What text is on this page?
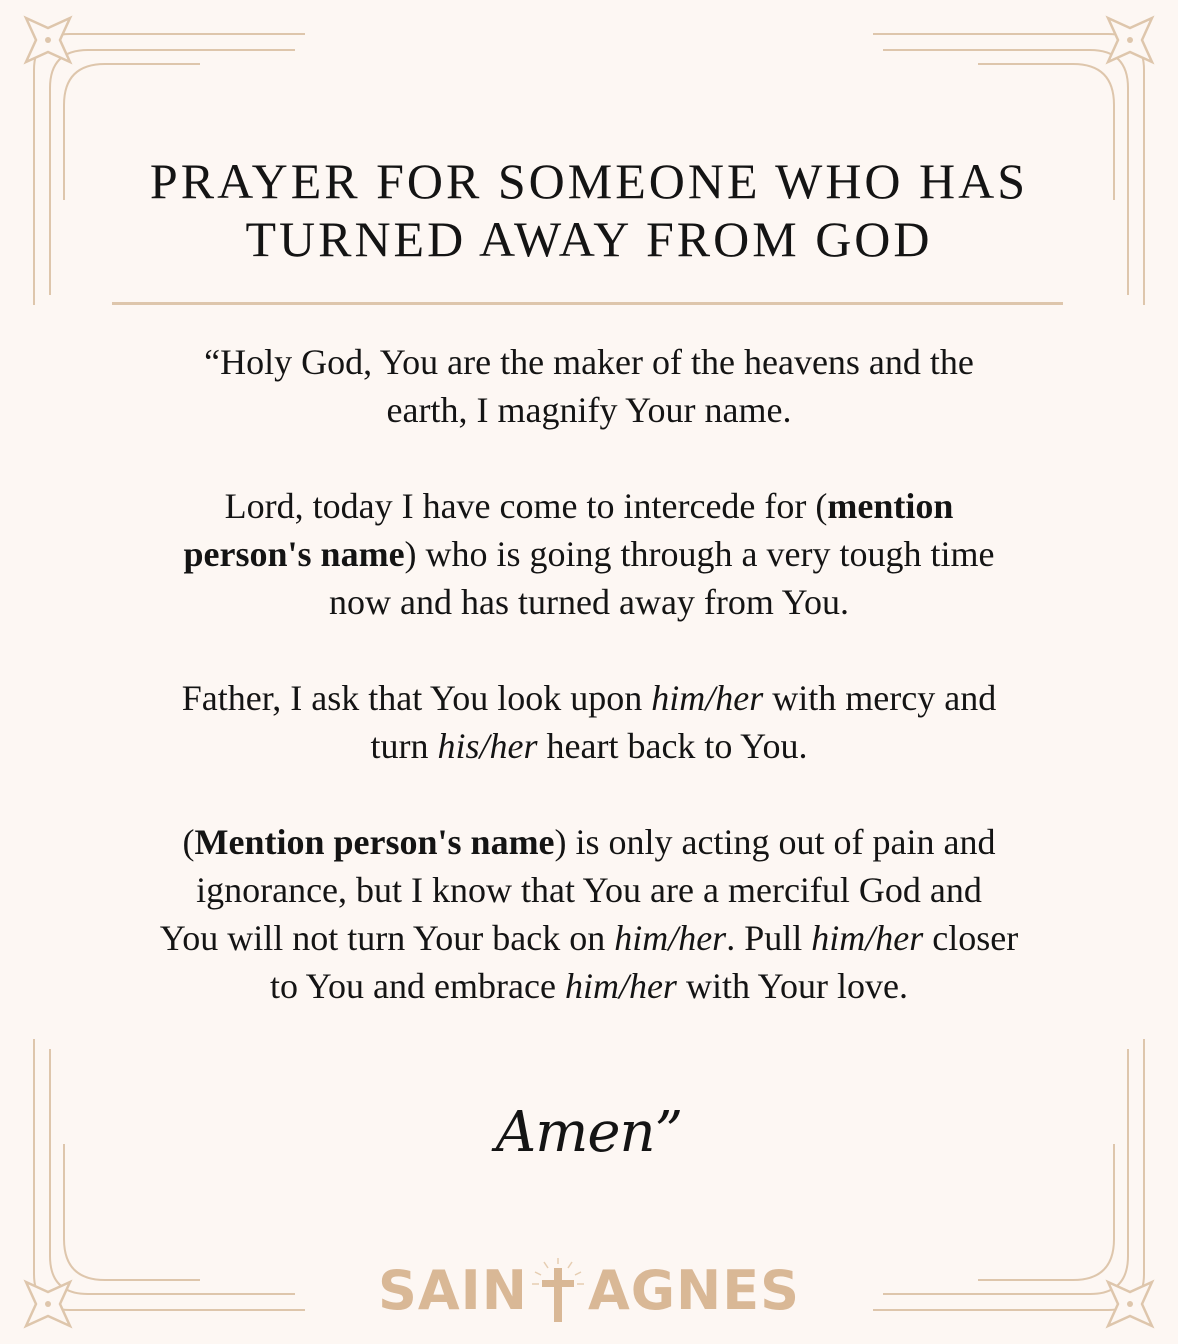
PRAYER FOR SOMEONE WHO HAS
TURNED AWAY FROM GOD

“Holy God, You are the maker of the heavens and the
earth, I magnify Your name.

Lord, today I have come to intercede for (mention
person's name) who is going through a very tough time
now and has turned away from You.

Father, I ask that You look upon him/her with mercy and
turn his/her heart back to You.

(Mention person's name) is only acting out of pain and
ignorance, but I know that You are a merciful God and
You will not turn Your back on him/her. Pull him/her closer
to You and embrace him/her with Your love.

Amen”
SAIN AGNES
